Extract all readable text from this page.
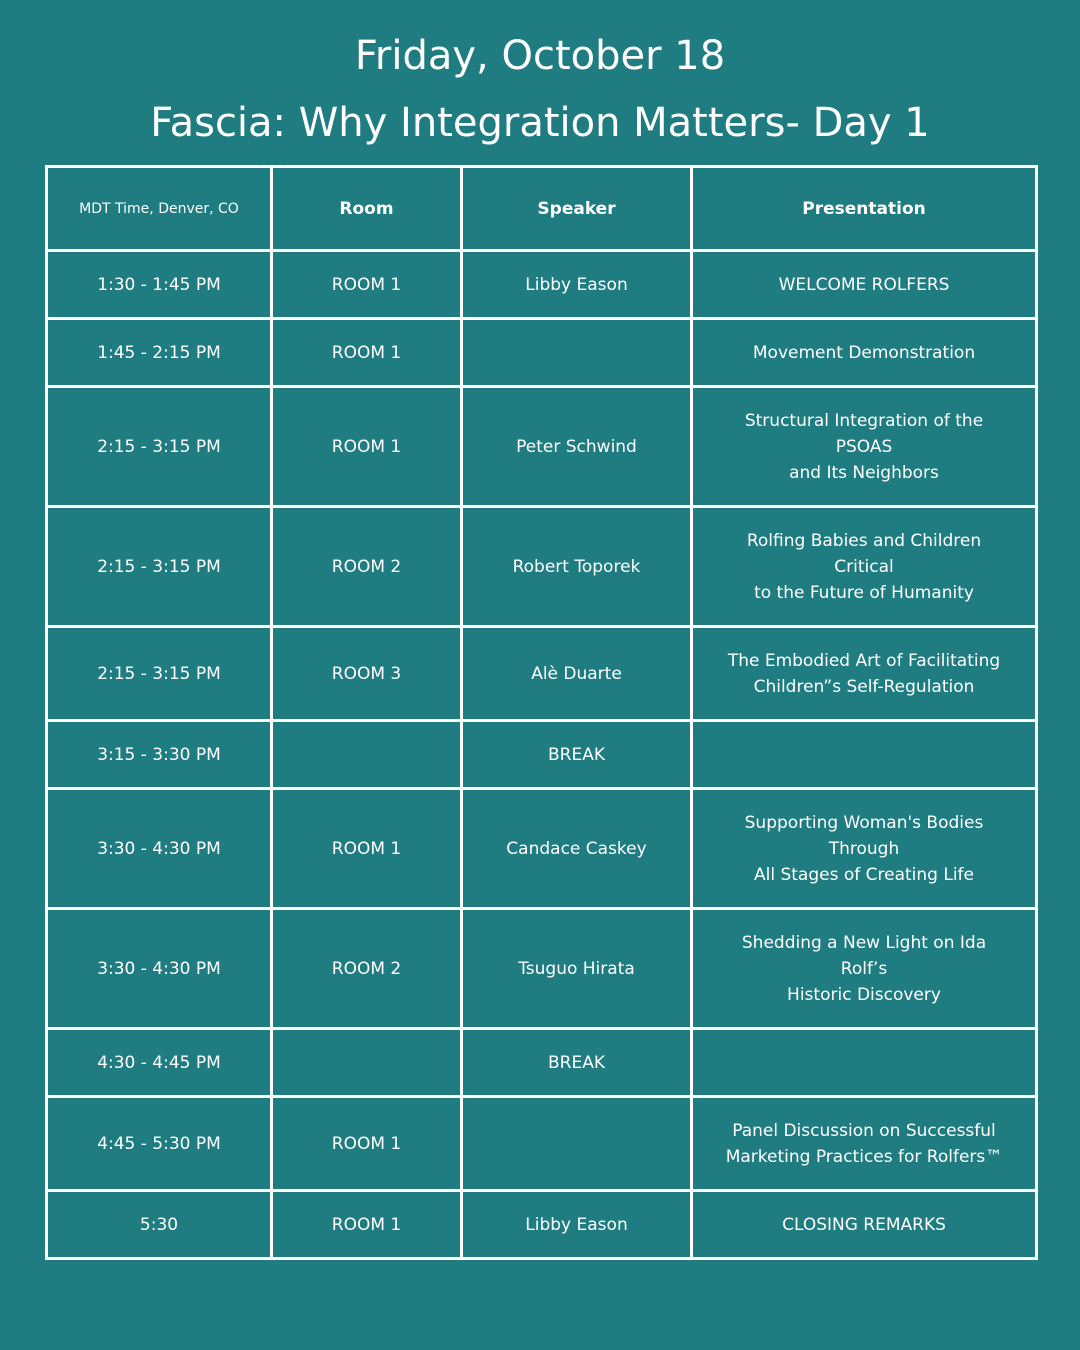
Friday, October 18
Fascia: Why Integration Matters- Day 1
MDT Time, Denver, CO	Room	Speaker	Presentation
1:30 - 1:45 PM	ROOM 1	Libby Eason	WELCOME ROLFERS

1:45 - 2:15 PM	ROOM 1		Movement Demonstration

2:15 - 3:15 PM	ROOM 1	Peter Schwind	Structural Integration of the
PSOAS
and Its Neighbors

2:15 - 3:15 PM	ROOM 2	Robert Toporek	Rolfing Babies and Children
Critical
to the Future of Humanity

2:15 - 3:15 PM	ROOM 3	Alè Duarte	The Embodied Art of Facilitating
Children”s Self-Regulation

3:15 - 3:30 PM		BREAK	
3:30 - 4:30 PM	ROOM 1	Candace Caskey	Supporting Woman's Bodies
Through
All Stages of Creating Life

3:30 - 4:30 PM	ROOM 2	Tsuguo Hirata	Shedding a New Light on Ida
Rolf’s
Historic Discovery

4:30 - 4:45 PM		BREAK	
4:45 - 5:30 PM	ROOM 1		Panel Discussion on Successful
Marketing Practices for Rolfers™

5:30	ROOM 1	Libby Eason	CLOSING REMARKS
